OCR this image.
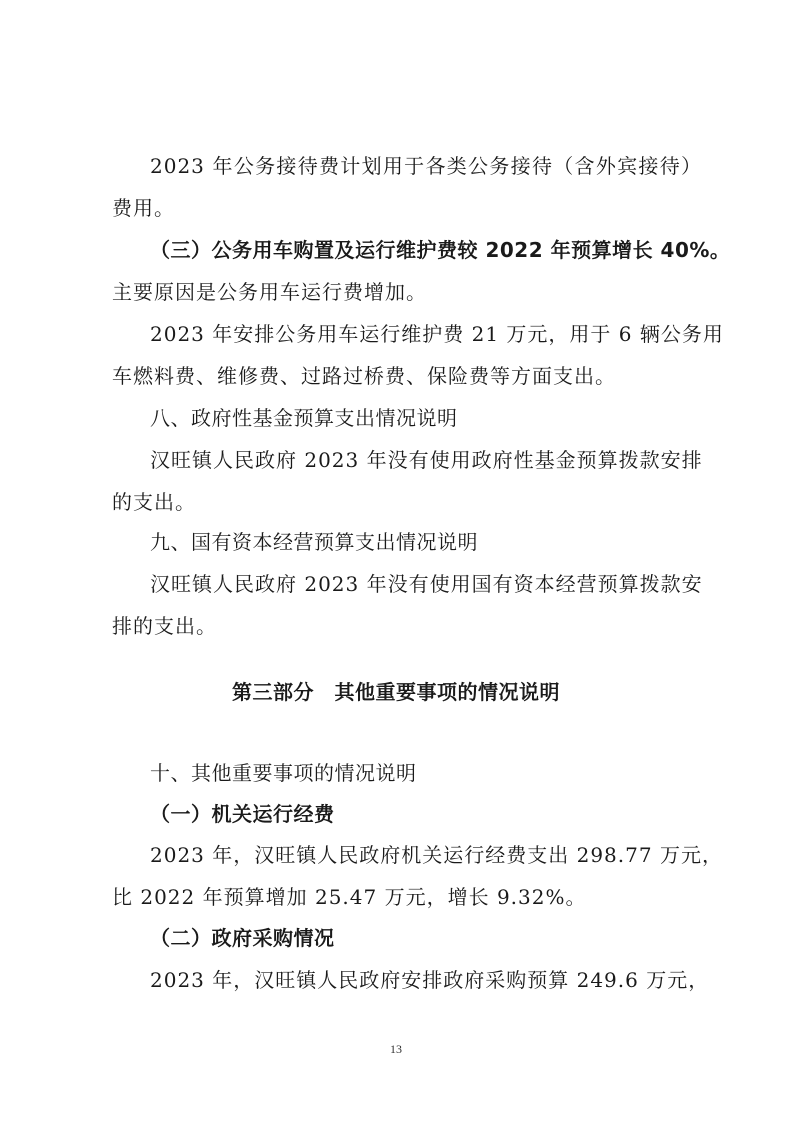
2023 年公务接待费计划用于各类公务接待（含外宾接待）
费用。
（三）公务用车购置及运行维护费较 2022 年预算增长 40%。
主要原因是公务用车运行费增加。
2023 年安排公务用车运行维护费 21 万元，用于 6 辆公务用
车燃料费、维修费、过路过桥费、保险费等方面支出。
八、政府性基金预算支出情况说明
汉旺镇人民政府 2023 年没有使用政府性基金预算拨款安排
的支出。
九、国有资本经营预算支出情况说明
汉旺镇人民政府 2023 年没有使用国有资本经营预算拨款安
排的支出。
第三部分　其他重要事项的情况说明
十、其他重要事项的情况说明
（一）机关运行经费
2023 年，汉旺镇人民政府机关运行经费支出 298.77 万元，
比 2022 年预算增加 25.47 万元，增长 9.32%。
（二）政府采购情况
2023 年，汉旺镇人民政府安排政府采购预算 249.6 万元，
13
